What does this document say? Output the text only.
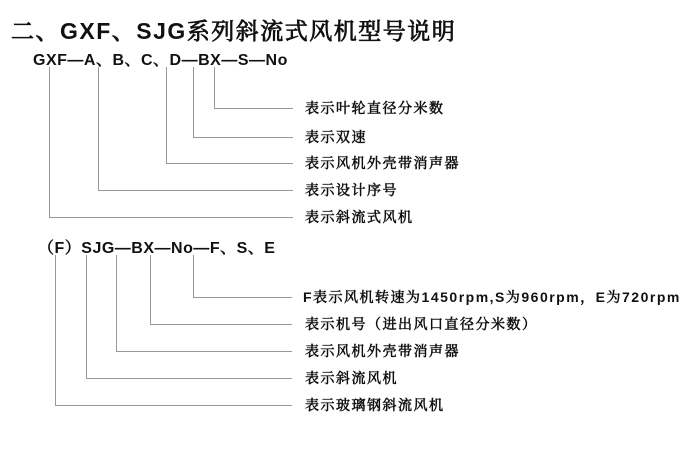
二、GXF、SJG系列斜流式风机型号说明
GXF—A、B、C、D—BX—S—No
表示叶轮直径分米数
表示双速
表示风机外壳带消声器
表示设计序号
表示斜流式风机
（F）SJG—BX—No—F、S、E
F表示风机转速为1450rpm,S为960rpm，E为720rpm
表示机号（进出风口直径分米数）
表示风机外壳带消声器
表示斜流风机
表示玻璃钢斜流风机
